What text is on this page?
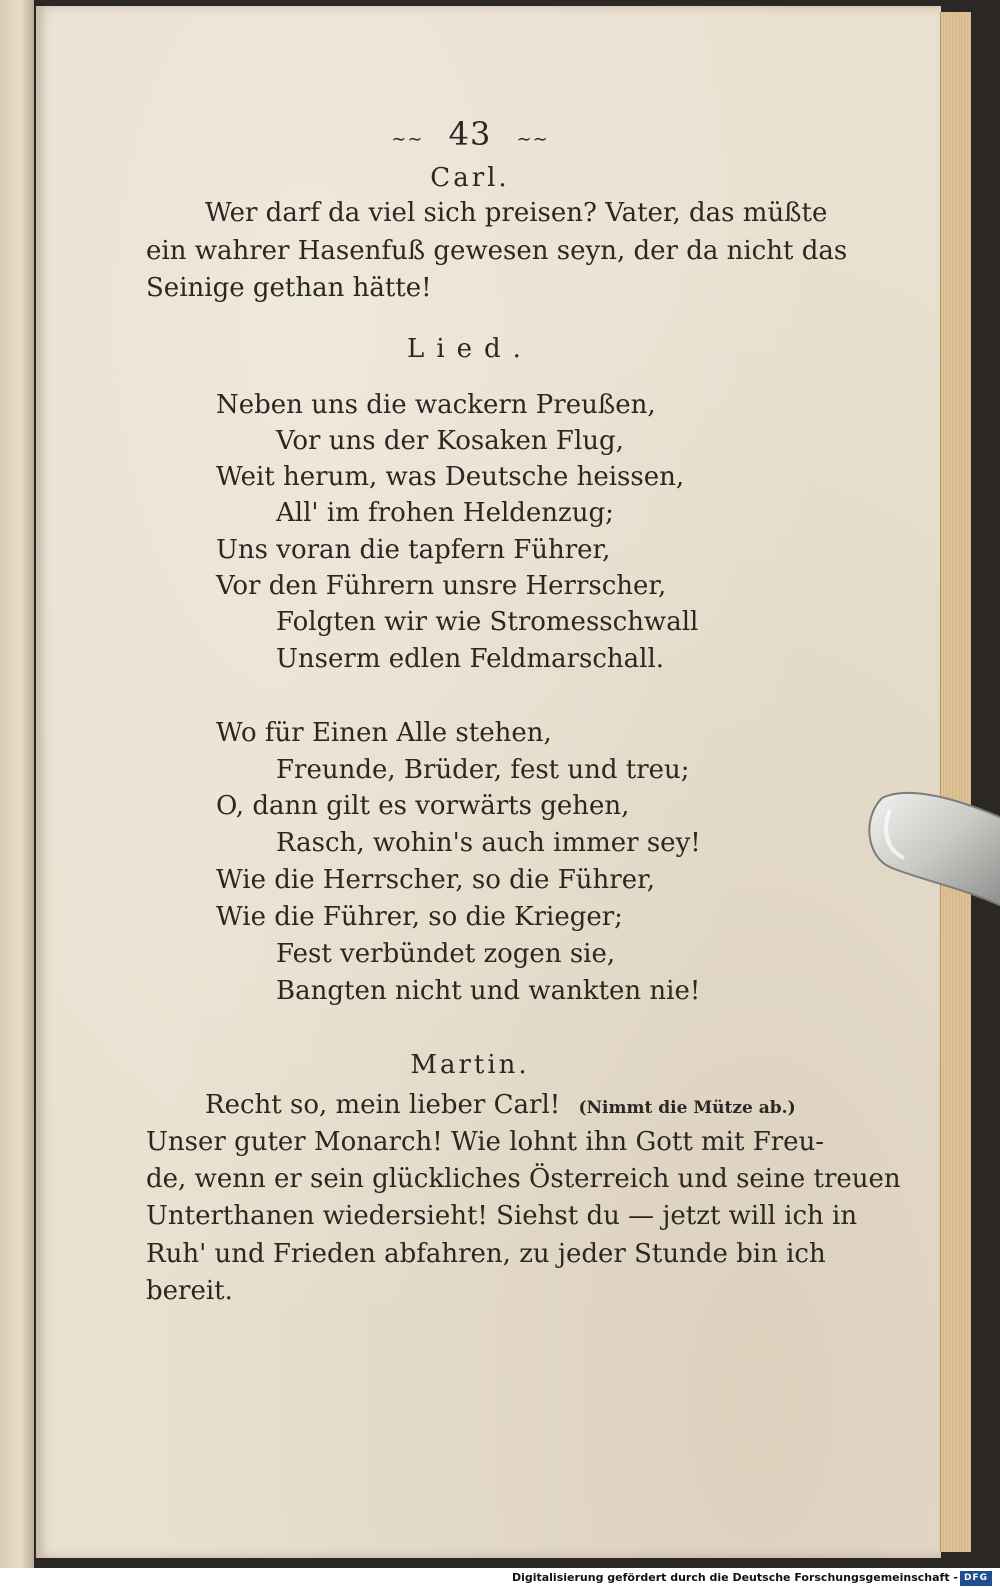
∼∼ 43 ∼∼
Carl.
Wer darf da viel sich preisen? Vater, das müßte
ein wahrer Hasenfuß gewesen seyn, der da nicht das
Seinige gethan hätte!
Lied.
Neben uns die wackern Preußen,
Vor uns der Kosaken Flug,
Weit herum, was Deutsche heissen,
All' im frohen Heldenzug;
Uns voran die tapfern Führer,
Vor den Führern unsre Herrscher,
Folgten wir wie Stromesschwall
Unserm edlen Feldmarschall.
Wo für Einen Alle stehen,
Freunde, Brüder, fest und treu;
O, dann gilt es vorwärts gehen,
Rasch, wohin's auch immer sey!
Wie die Herrscher, so die Führer,
Wie die Führer, so die Krieger;
Fest verbündet zogen sie,
Bangten nicht und wankten nie!
Martin.
Recht so, mein lieber Carl! (Nimmt die Mütze ab.)
Unser guter Monarch! Wie lohnt ihn Gott mit Freu-
de, wenn er sein glückliches Österreich und seine treuen
Unterthanen wiedersieht! Siehst du — jetzt will ich in
Ruh' und Frieden abfahren, zu jeder Stunde bin ich
bereit.
Digitalisierung gefördert durch die Deutsche Forschungsgemeinschaft - DFG
